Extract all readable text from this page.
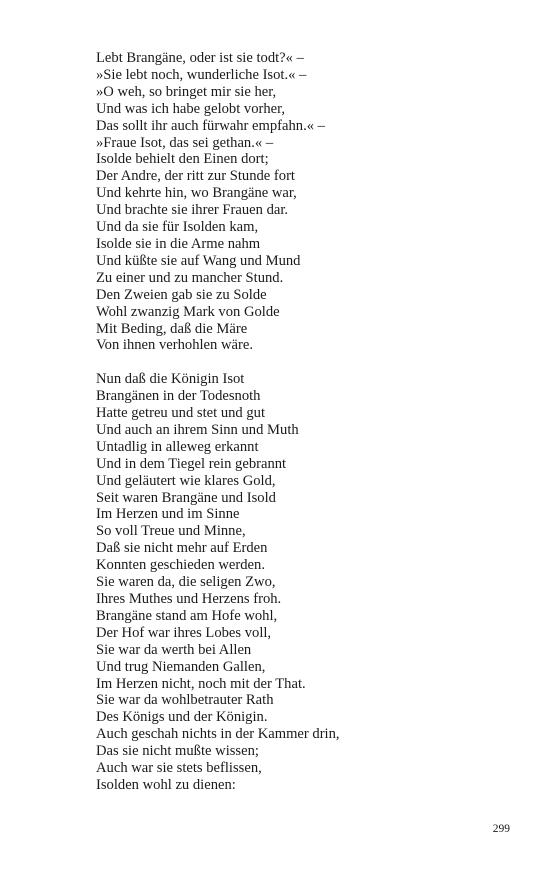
Lebt Brangäne, oder ist sie todt?« –
»Sie lebt noch, wunderliche Isot.« –
»O weh, so bringet mir sie her,
Und was ich habe gelobt vorher,
Das sollt ihr auch fürwahr empfahn.« –
»Fraue Isot, das sei gethan.« –
Isolde behielt den Einen dort;
Der Andre, der ritt zur Stunde fort
Und kehrte hin, wo Brangäne war,
Und brachte sie ihrer Frauen dar.
Und da sie für Isolden kam,
Isolde sie in die Arme nahm
Und küßte sie auf Wang und Mund
Zu einer und zu mancher Stund.
Den Zweien gab sie zu Solde
Wohl zwanzig Mark von Golde
Mit Beding, daß die Märe
Von ihnen verhohlen wäre.
Nun daß die Königin Isot
Brangänen in der Todesnoth
Hatte getreu und stet und gut
Und auch an ihrem Sinn und Muth
Untadlig in alleweg erkannt
Und in dem Tiegel rein gebrannt
Und geläutert wie klares Gold,
Seit waren Brangäne und Isold
Im Herzen und im Sinne
So voll Treue und Minne,
Daß sie nicht mehr auf Erden
Konnten geschieden werden.
Sie waren da, die seligen Zwo,
Ihres Muthes und Herzens froh.
Brangäne stand am Hofe wohl,
Der Hof war ihres Lobes voll,
Sie war da werth bei Allen
Und trug Niemanden Gallen,
Im Herzen nicht, noch mit der That.
Sie war da wohlbetrauter Rath
Des Königs und der Königin.
Auch geschah nichts in der Kammer drin,
Das sie nicht mußte wissen;
Auch war sie stets beflissen,
Isolden wohl zu dienen:
299
